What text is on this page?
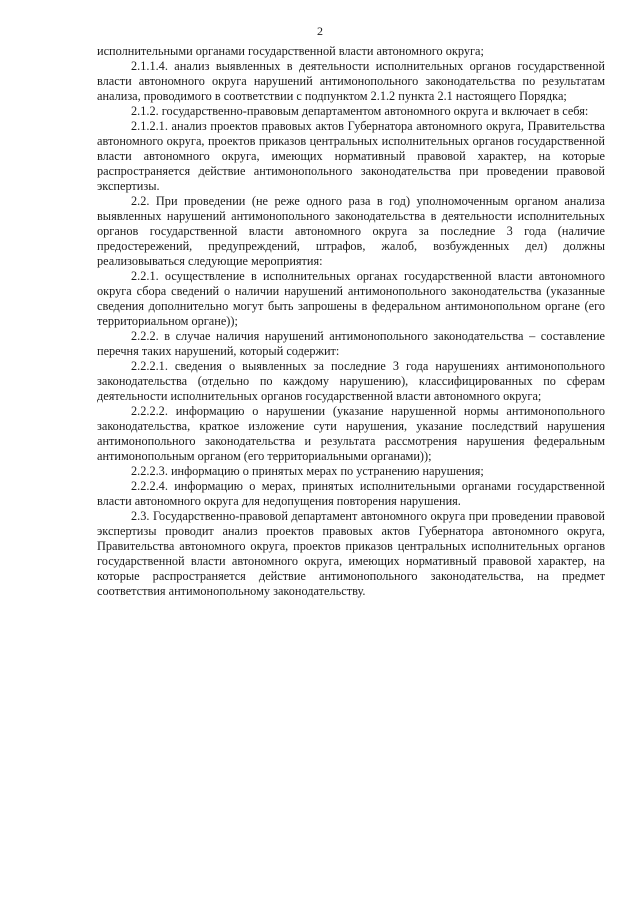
2

исполнительными органами государственной власти автономного округа;

2.1.1.4. анализ выявленных в деятельности исполнительных органов государственной власти автономного округа нарушений антимонопольного законодательства по результатам анализа, проводимого в соответствии с подпунктом 2.1.2 пункта 2.1 настоящего Порядка;

2.1.2. государственно-правовым департаментом автономного округа и включает в себя:

2.1.2.1. анализ проектов правовых актов Губернатора автономного округа, Правительства автономного округа, проектов приказов центральных исполнительных органов государственной власти автономного округа, имеющих нормативный правовой характер, на которые распространяется действие антимонопольного законодательства при проведении правовой экспертизы.

2.2. При проведении (не реже одного раза в год) уполномоченным органом анализа выявленных нарушений антимонопольного законодательства в деятельности исполнительных органов государственной власти автономного округа за последние 3 года (наличие предостережений, предупреждений, штрафов, жалоб, возбужденных дел) должны реализовываться следующие мероприятия:

2.2.1. осуществление в исполнительных органах государственной власти автономного округа сбора сведений о наличии нарушений антимонопольного законодательства (указанные сведения дополнительно могут быть запрошены в федеральном антимонопольном органе (его территориальном органе));

2.2.2. в случае наличия нарушений антимонопольного законодательства – составление перечня таких нарушений, который содержит:

2.2.2.1. сведения о выявленных за последние 3 года нарушениях антимонопольного законодательства (отдельно по каждому нарушению), классифицированных по сферам деятельности исполнительных органов государственной власти автономного округа;

2.2.2.2. информацию о нарушении (указание нарушенной нормы антимонопольного законодательства, краткое изложение сути нарушения, указание последствий нарушения антимонопольного законодательства и результата рассмотрения нарушения федеральным антимонопольным органом (его территориальными органами));

2.2.2.3. информацию о принятых мерах по устранению нарушения;

2.2.2.4. информацию о мерах, принятых исполнительными органами государственной власти автономного округа для недопущения повторения нарушения.

2.3. Государственно-правовой департамент автономного округа при проведении правовой экспертизы проводит анализ проектов правовых актов Губернатора автономного округа, Правительства автономного округа, проектов приказов центральных исполнительных органов государственной власти автономного округа, имеющих нормативный правовой характер, на которые распространяется действие антимонопольного законодательства, на предмет соответствия антимонопольному законодательству.
